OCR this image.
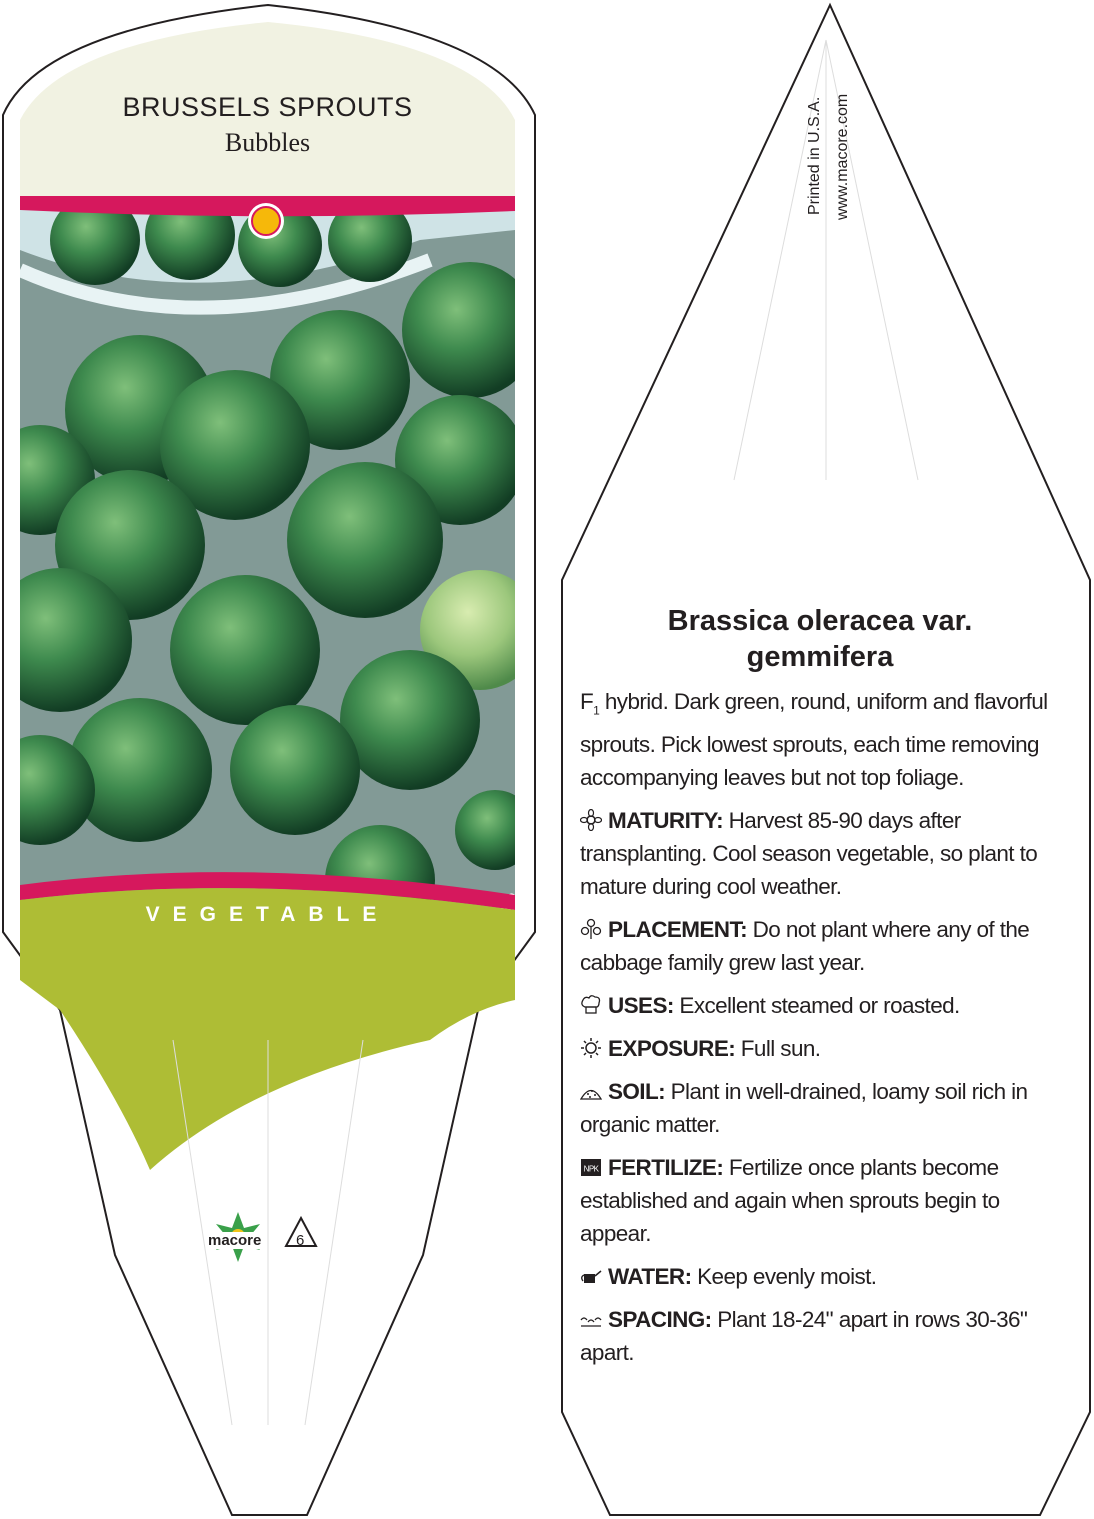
BRUSSELS SPROUTS
Bubbles
VEGETABLE
macore 6
Printed in U.S.A. www.macore.com
Brassica oleracea var.
gemmifera
$F_1$ hybrid. Dark green, round, uniform and flavorful sprouts. Pick lowest sprouts, each time removing accompanying leaves but not top foliage.
MATURITY: Harvest 85-90 days after transplanting. Cool season vegetable, so plant to mature during cool weather.
PLACEMENT: Do not plant where any of the cabbage family grew last year.
USES: Excellent steamed or roasted.
EXPOSURE: Full sun.
SOIL: Plant in well-drained, loamy soil rich in organic matter.
NPK FERTILIZE: Fertilize once plants become established and again when sprouts begin to appear.
WATER: Keep evenly moist.
SPACING: Plant 18-24" apart in rows 30-36" apart.
